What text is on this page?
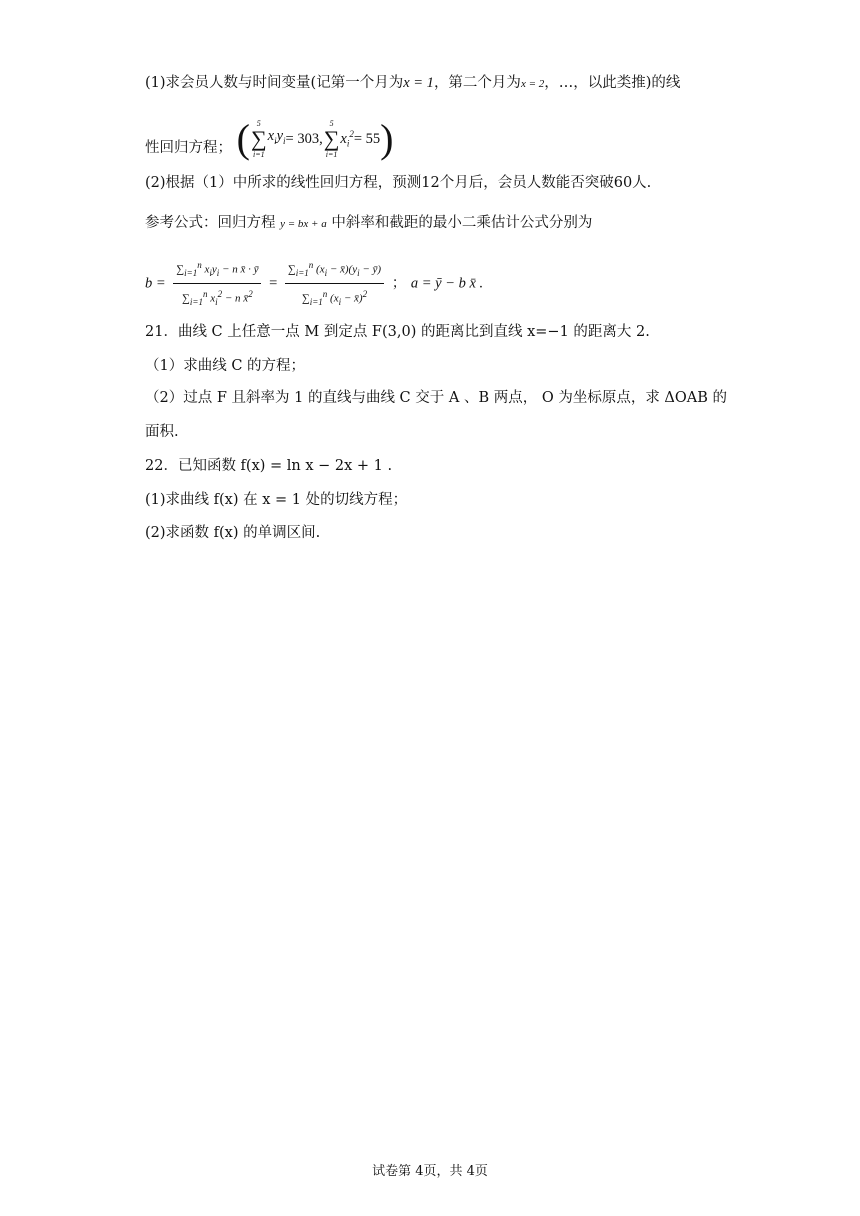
(1)求会员人数与时间变量(记第一个月为x = 1，第二个月为x = 2，…，以此类推)的线
性回归方程； ( 5
∑
i=1
$x_iy_i = 303$,
5
∑
i=1
$x_i^2 = 55$ )
(2)根据（1）中所求的线性回归方程，预测12个月后，会员人数能否突破60人.
参考公式：回归方程 y = bx + a 中斜率和截距的最小二乘估计公式分别为
$b = \frac{\sum_{i=1}^n x_iy_i - n x̄ \cdot ȳ}{\sum_{i=1}^n x_i^2 - n x̄^2} = \frac{\sum_{i=1}^n (x_i - x̄)(y_i - ȳ)}{\sum_{i=1}^n (x_i - x̄)^2}$ ； a = ȳ − b x̄ .
21．曲线 C 上任意一点 M 到定点 F(3,0) 的距离比到直线 x=−1 的距离大 2.
（1）求曲线 C 的方程；
（2）过点 F 且斜率为 1 的直线与曲线 C 交于 A 、B 两点， O 为坐标原点，求 ΔOAB 的
面积.
22．已知函数 f(x) = ln x − 2x + 1 .
(1)求曲线 f(x) 在 x = 1 处的切线方程；
(2)求函数 f(x) 的单调区间.
试卷第 4页，共 4页
